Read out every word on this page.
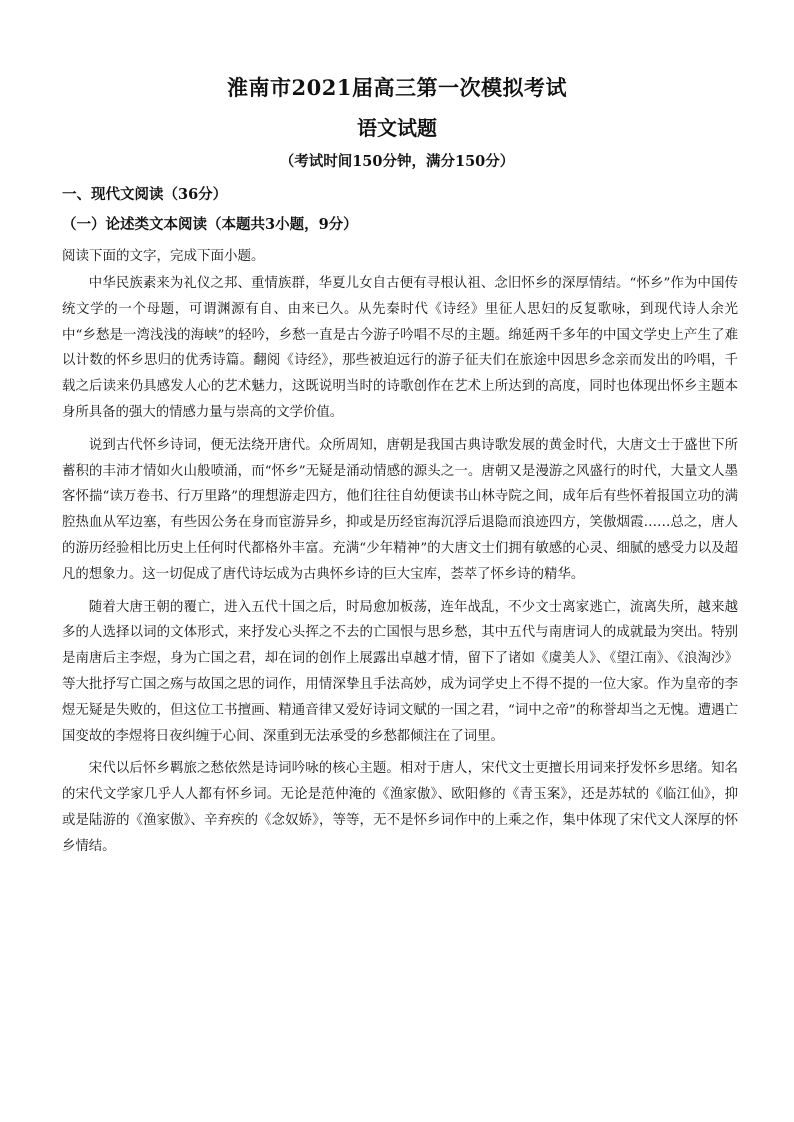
淮南市2021届高三第一次模拟考试
语文试题
（考试时间150分钟，满分150分）
一、现代文阅读（36分）
（一）论述类文本阅读（本题共3小题，9分）
阅读下面的文字，完成下面小题。

中华民族素来为礼仪之邦、重情族群，华夏儿女自古便有寻根认祖、念旧怀乡的深厚情结。“怀乡”作为中国传统文学的一个母题，可谓渊源有自、由来已久。从先秦时代《诗经》里征人思妇的反复歌咏，到现代诗人余光中“乡愁是一湾浅浅的海峡”的轻吟，乡愁一直是古今游子吟唱不尽的主题。绵延两千多年的中国文学史上产生了难以计数的怀乡思归的优秀诗篇。翻阅《诗经》，那些被迫远行的游子征夫们在旅途中因思乡念亲而发出的吟唱，千载之后读来仍具感发人心的艺术魅力，这既说明当时的诗歌创作在艺术上所达到的高度，同时也体现出怀乡主题本身所具备的强大的情感力量与崇高的文学价值。

说到古代怀乡诗词，便无法绕开唐代。众所周知，唐朝是我国古典诗歌发展的黄金时代，大唐文士于盛世下所蓄积的丰沛才情如火山般喷涌，而“怀乡”无疑是涌动情感的源头之一。唐朝又是漫游之风盛行的时代，大量文人墨客怀揣“读万卷书、行万里路”的理想游走四方，他们往往自幼便读书山林寺院之间，成年后有些怀着报国立功的满腔热血从军边塞，有些因公务在身而宦游异乡，抑或是历经宦海沉浮后退隐而浪迹四方，笑傲烟霞……总之，唐人的游历经验相比历史上任何时代都格外丰富。充满“少年精神”的大唐文士们拥有敏感的心灵、细腻的感受力以及超凡的想象力。这一切促成了唐代诗坛成为古典怀乡诗的巨大宝库，荟萃了怀乡诗的精华。

随着大唐王朝的覆亡，进入五代十国之后，时局愈加板荡，连年战乱，不少文士离家逃亡，流离失所，越来越多的人选择以词的文体形式，来抒发心头挥之不去的亡国恨与思乡愁，其中五代与南唐词人的成就最为突出。特别是南唐后主李煜，身为亡国之君，却在词的创作上展露出卓越才情，留下了诸如《虞美人》、《望江南》、《浪淘沙》等大批抒写亡国之殇与故国之思的词作，用情深挚且手法高妙，成为词学史上不得不提的一位大家。作为皇帝的李煜无疑是失败的，但这位工书擅画、精通音律又爱好诗词文赋的一国之君，“词中之帝”的称誉却当之无愧。遭遇亡国变故的李煜将日夜纠缠于心间、深重到无法承受的乡愁都倾注在了词里。

宋代以后怀乡羁旅之愁依然是诗词吟咏的核心主题。相对于唐人，宋代文士更擅长用词来抒发怀乡思绪。知名的宋代文学家几乎人人都有怀乡词。无论是范仲淹的《渔家傲》、欧阳修的《青玉案》，还是苏轼的《临江仙》，抑或是陆游的《渔家傲》、辛弃疾的《念奴娇》，等等，无不是怀乡词作中的上乘之作，集中体现了宋代文人深厚的怀乡情结。
